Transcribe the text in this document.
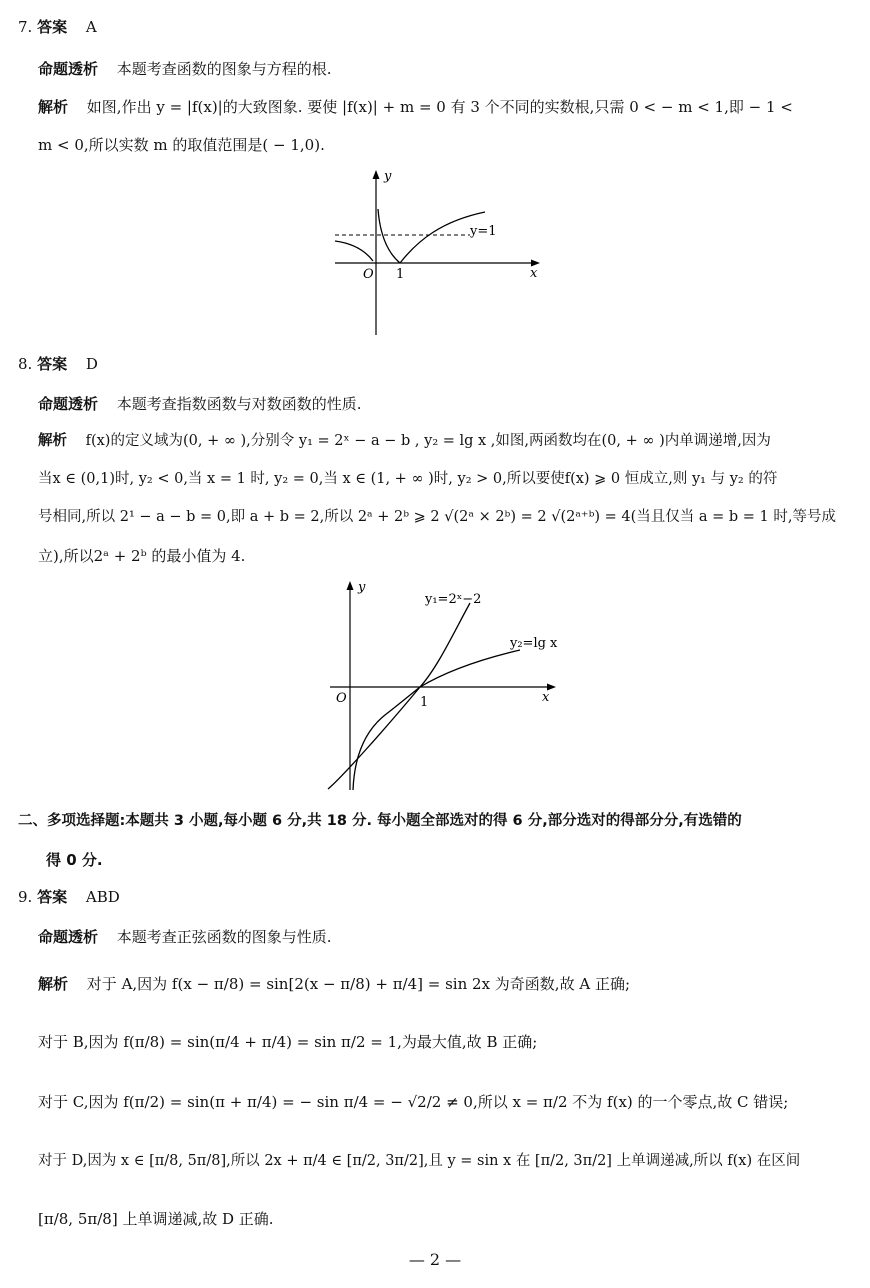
7. 答案 A
命题透析 本题考查函数的图象与方程的根.
解析 如图,作出 y = |f(x)|的大致图象. 要使 |f(x)| + m = 0 有 3 个不同的实数根,只需 0 < − m < 1,即 − 1 <
m < 0,所以实数 m 的取值范围是( − 1,0).
y
x
O 1
y=1
8. 答案 D
命题透析 本题考查指数函数与对数函数的性质.
解析 f(x)的定义域为(0, + ∞ ),分别令 y₁ = 2ˣ − a − b , y₂ = lg x ,如图,两函数均在(0, + ∞ )内单调递增,因为
当x ∈ (0,1)时, y₂ < 0,当 x = 1 时, y₂ = 0,当 x ∈ (1, + ∞ )时, y₂ > 0,所以要使f(x) ⩾ 0 恒成立,则 y₁ 与 y₂ 的符
号相同,所以 2¹ − a − b = 0,即 a + b = 2,所以 2ᵃ + 2ᵇ ⩾ 2 √(2ᵃ × 2ᵇ) = 2 √(2ᵃ⁺ᵇ) = 4(当且仅当 a = b = 1 时,等号成
立),所以2ᵃ + 2ᵇ 的最小值为 4.
y
x
O	1
y₁=2ˣ−2
y₂=lg x
二、多项选择题:本题共 3 小题,每小题 6 分,共 18 分. 每小题全部选对的得 6 分,部分选对的得部分分,有选错的
得 0 分.
9. 答案 ABD
命题透析 本题考查正弦函数的图象与性质.
解析 对于 A,因为 f(x − π/8) = sin[2(x − π/8) + π/4] = sin 2x 为奇函数,故 A 正确;
对于 B,因为 f(π/8) = sin(π/4 + π/4) = sin π/2 = 1,为最大值,故 B 正确;
对于 C,因为 f(π/2) = sin(π + π/4) = − sin π/4 = − √2/2 ≠ 0,所以 x = π/2 不为 f(x) 的一个零点,故 C 错误;
对于 D,因为 x ∈ [π/8, 5π/8],所以 2x + π/4 ∈ [π/2, 3π/2],且 y = sin x 在 [π/2, 3π/2] 上单调递减,所以 f(x) 在区间
[π/8, 5π/8] 上单调递减,故 D 正确.
— 2 —
